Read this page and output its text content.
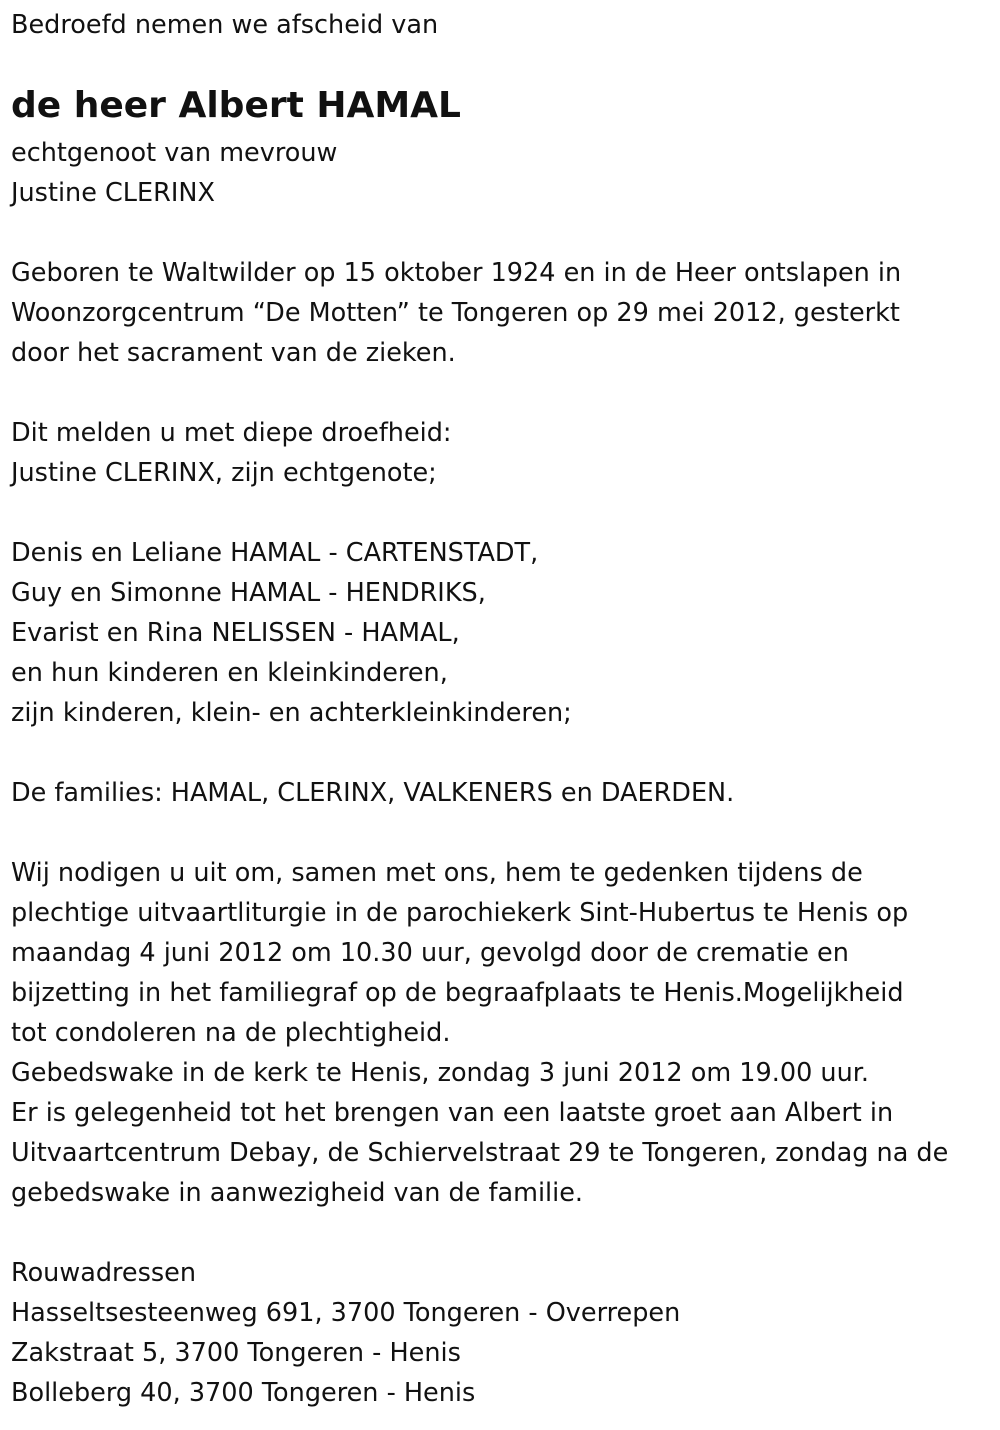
Bedroefd nemen we afscheid van
de heer Albert HAMAL
echtgenoot van mevrouw
Justine CLERINX
Geboren te Waltwilder op 15 oktober 1924 en in de Heer ontslapen in
Woonzorgcentrum “De Motten” te Tongeren op 29 mei 2012, gesterkt
door het sacrament van de zieken.
Dit melden u met diepe droefheid:
Justine CLERINX, zijn echtgenote;
Denis en Leliane HAMAL - CARTENSTADT,
Guy en Simonne HAMAL - HENDRIKS,
Evarist en Rina NELISSEN - HAMAL,
en hun kinderen en kleinkinderen,
zijn kinderen, klein- en achterkleinkinderen;
De families: HAMAL, CLERINX, VALKENERS en DAERDEN.
Wij nodigen u uit om, samen met ons, hem te gedenken tijdens de
plechtige uitvaartliturgie in de parochiekerk Sint-Hubertus te Henis op
maandag 4 juni 2012 om 10.30 uur, gevolgd door de crematie en
bijzetting in het familiegraf op de begraafplaats te Henis.Mogelijkheid
tot condoleren na de plechtigheid.
Gebedswake in de kerk te Henis, zondag 3 juni 2012 om 19.00 uur.
Er is gelegenheid tot het brengen van een laatste groet aan Albert in
Uitvaartcentrum Debay, de Schiervelstraat 29 te Tongeren, zondag na de
gebedswake in aanwezigheid van de familie.
Rouwadressen
Hasseltsesteenweg 691, 3700 Tongeren - Overrepen
Zakstraat 5, 3700 Tongeren - Henis
Bolleberg 40, 3700 Tongeren - Henis
